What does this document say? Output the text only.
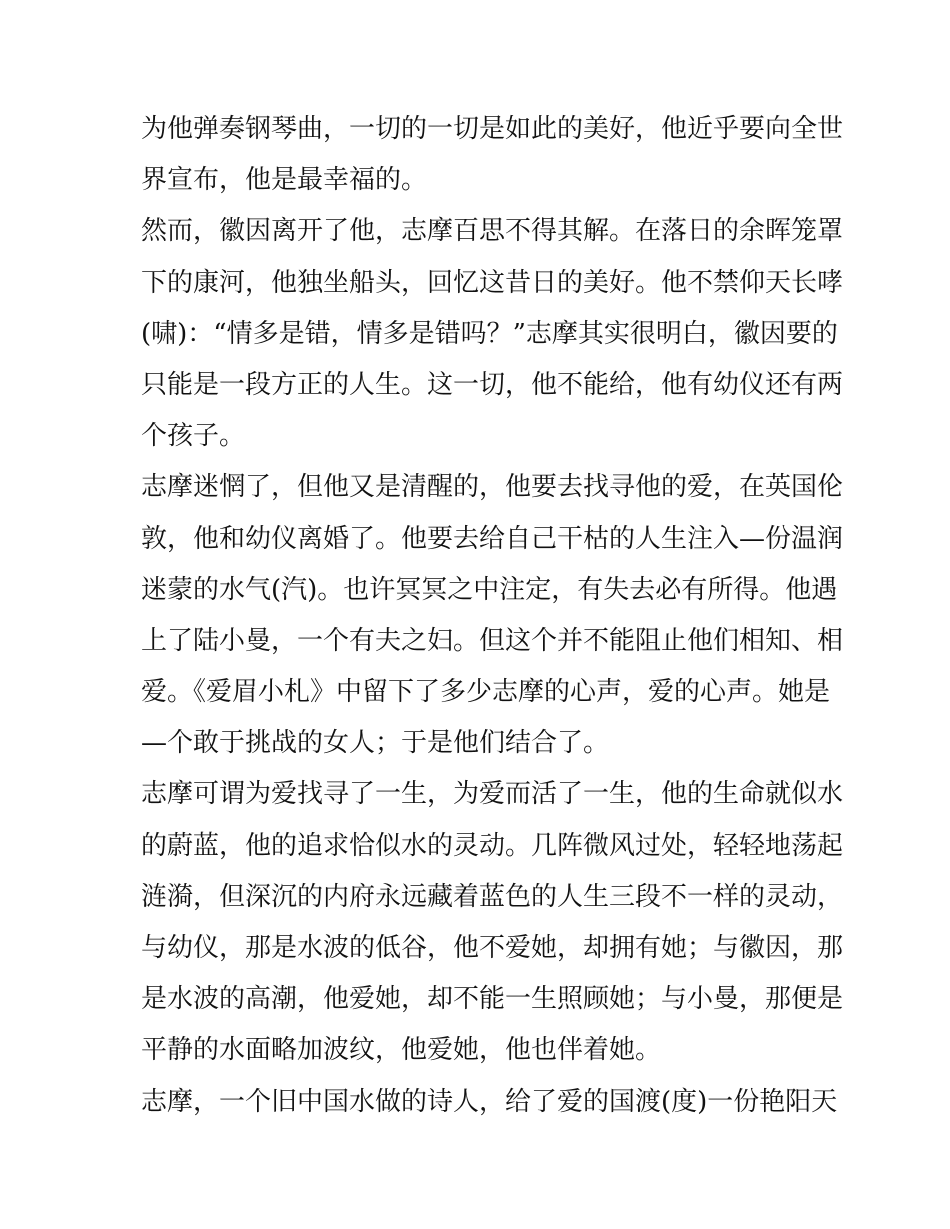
为他弹奏钢琴曲，一切的一切是如此的美好，他近乎要向全世
界宣布，他是最幸福的。
然而，徽因离开了他，志摩百思不得其解。在落日的余晖笼罩
下的康河，他独坐船头，回忆这昔日的美好。他不禁仰天长哮
(啸)：“情多是错，情多是错吗？”志摩其实很明白，徽因要的
只能是一段方正的人生。这一切，他不能给，他有幼仪还有两
个孩子。
志摩迷惘了，但他又是清醒的，他要去找寻他的爱，在英国伦
敦，他和幼仪离婚了。他要去给自己干枯的人生注入—份温润
迷蒙的水气(汽)。也许冥冥之中注定，有失去必有所得。他遇
上了陆小曼，一个有夫之妇。但这个并不能阻止他们相知、相
爱。《爱眉小札》中留下了多少志摩的心声，爱的心声。她是
—个敢于挑战的女人；于是他们结合了。
志摩可谓为爱找寻了一生，为爱而活了一生，他的生命就似水
的蔚蓝，他的追求恰似水的灵动。几阵微风过处，轻轻地荡起
涟漪，但深沉的内府永远藏着蓝色的人生三段不一样的灵动，
与幼仪，那是水波的低谷，他不爱她，却拥有她；与徽因，那
是水波的高潮，他爱她，却不能一生照顾她；与小曼，那便是
平静的水面略加波纹，他爱她，他也伴着她。
志摩，一个旧中国水做的诗人，给了爱的国渡(度)一份艳阳天
